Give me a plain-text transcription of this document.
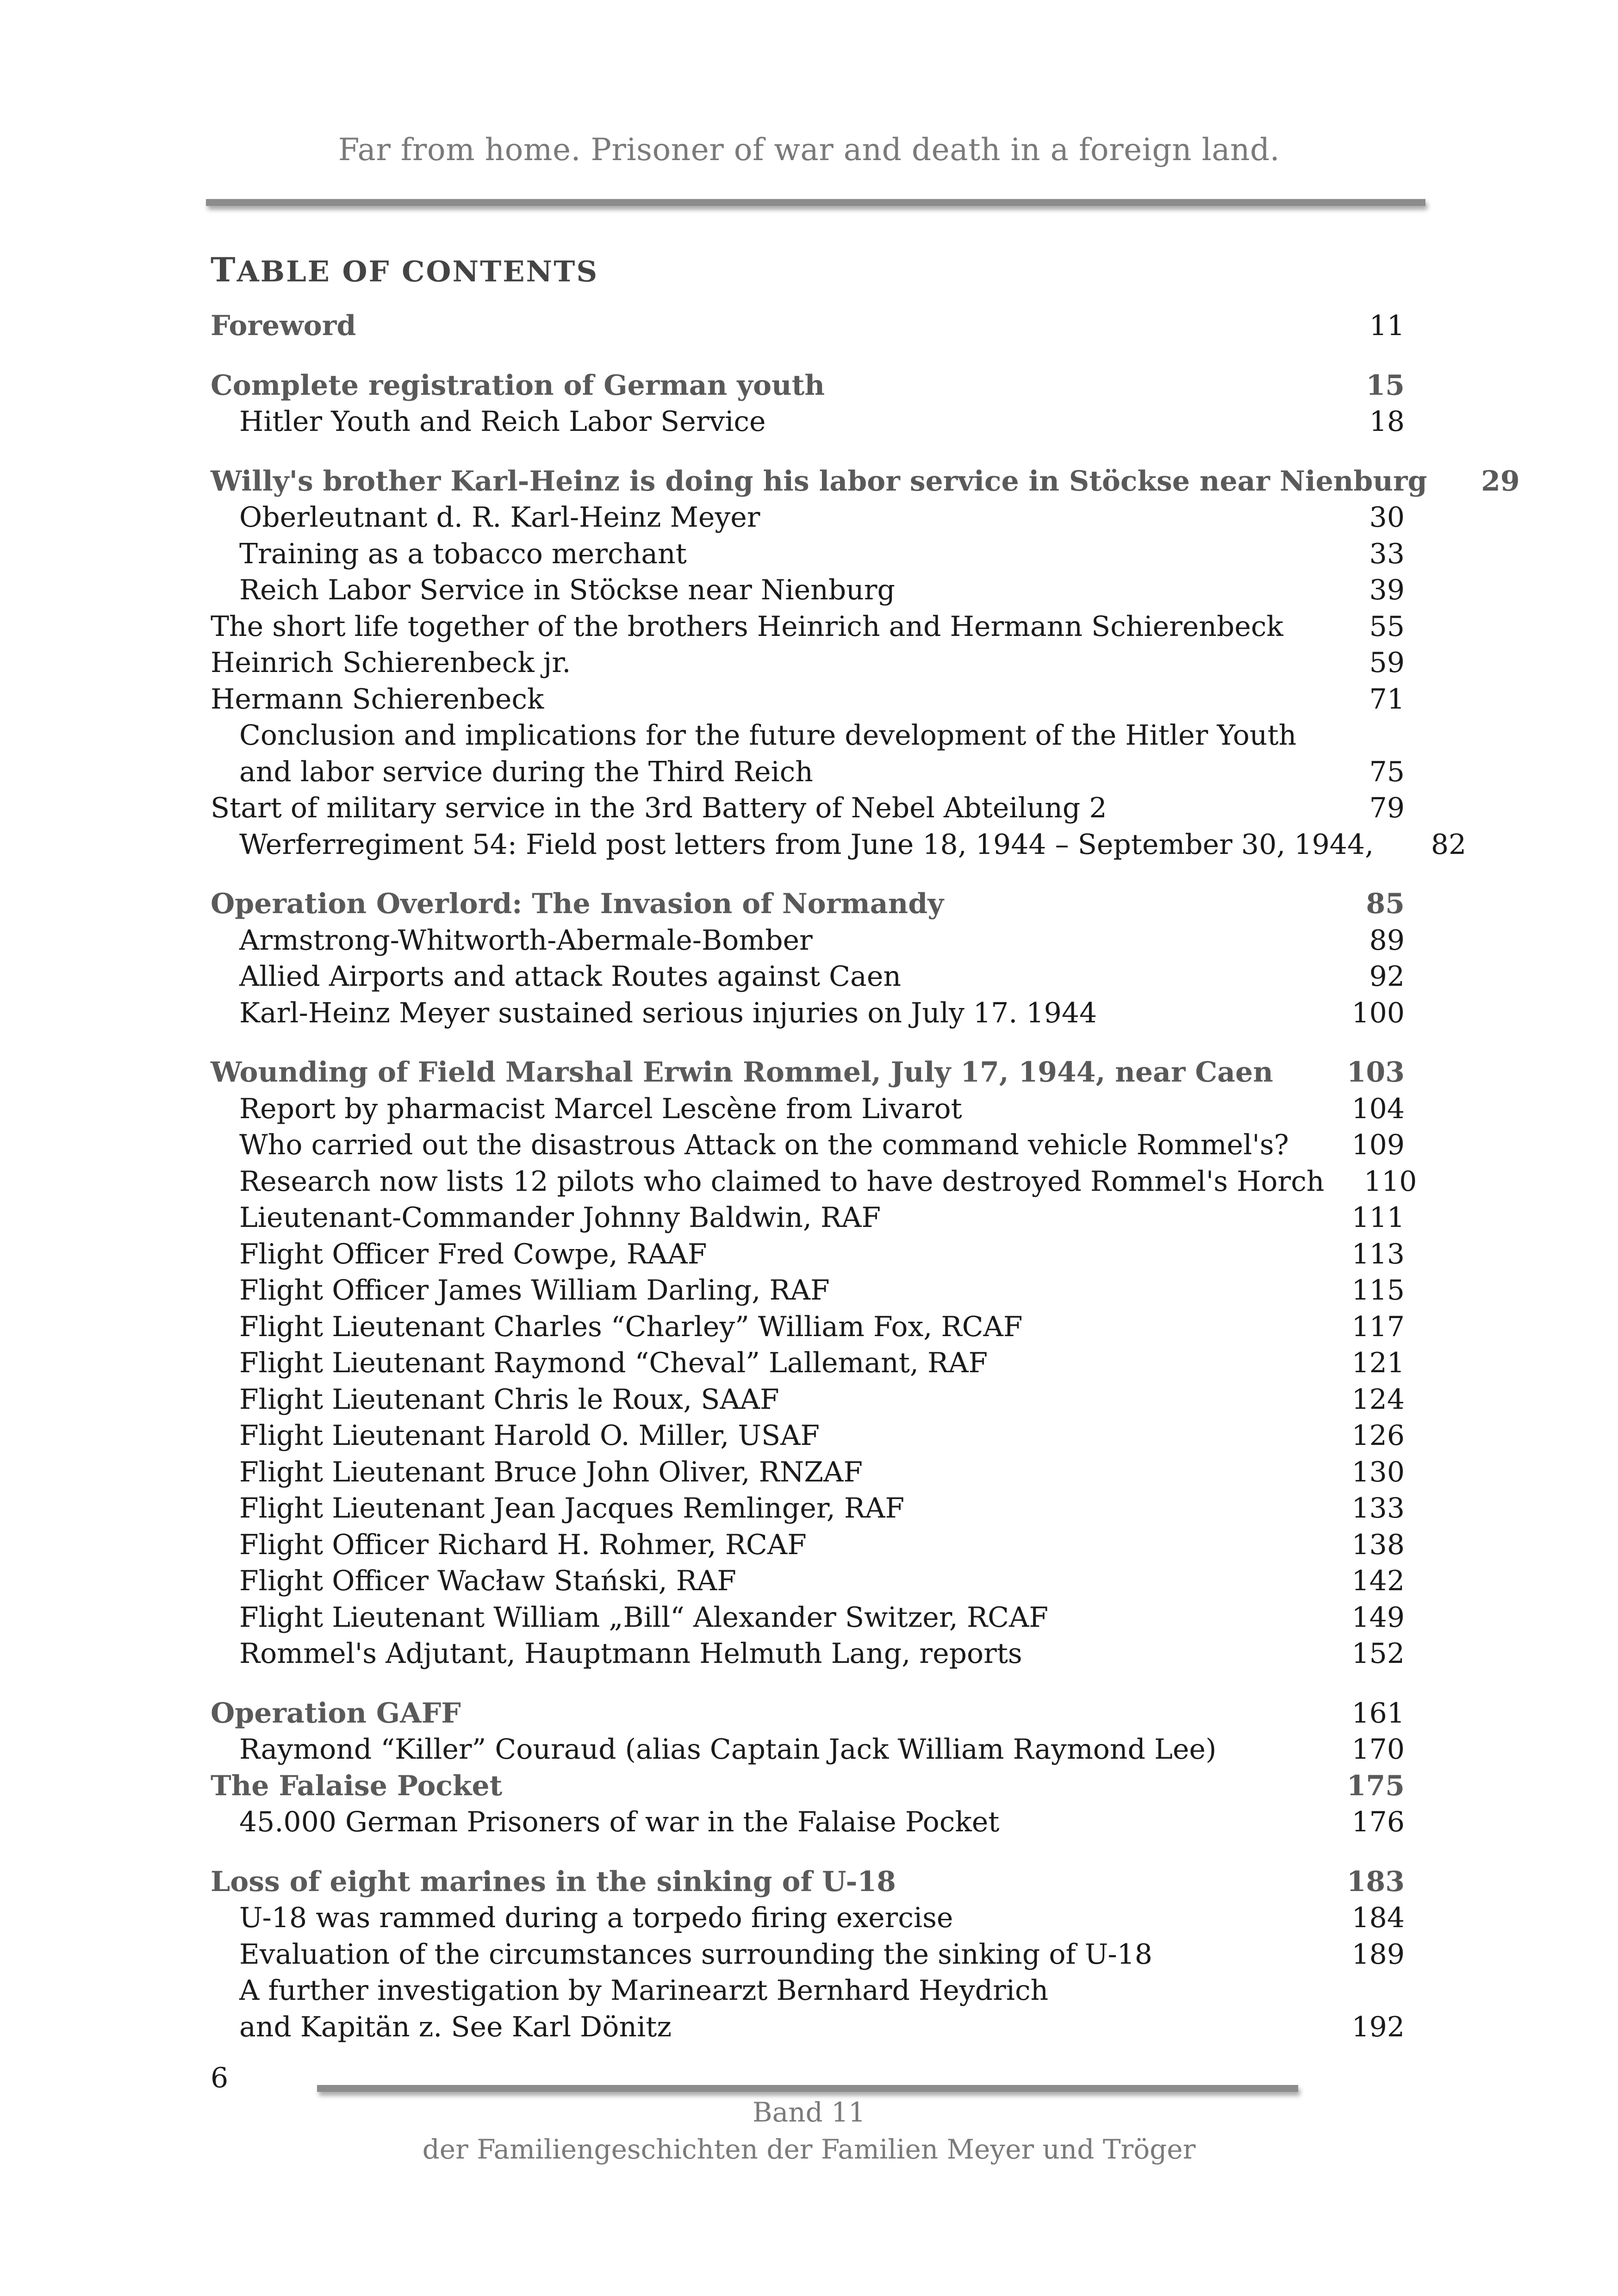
Far from home. Prisoner of war and death in a foreign land.
TABLE OF CONTENTS
Foreword	11
Complete registration of German youth	15
Hitler Youth and Reich Labor Service	18
Willy's brother Karl-Heinz is doing his labor service in Stöckse near Nienburg	29
Oberleutnant d. R. Karl-Heinz Meyer	30
Training as a tobacco merchant	33
Reich Labor Service in Stöckse near Nienburg	39
The short life together of the brothers Heinrich and Hermann Schierenbeck	55
Heinrich Schierenbeck jr.	59
Hermann Schierenbeck	71
Conclusion and implications for the future development of the Hitler Youth and labor service during the Third Reich	75
Start of military service in the 3rd Battery of Nebel Abteilung 2	79
Werferregiment 54: Field post letters from June 18, 1944 – September 30, 1944,	82
Operation Overlord: The Invasion of Normandy	85
Armstrong-Whitworth-Abermale-Bomber	89
Allied Airports and attack Routes against Caen	92
Karl-Heinz Meyer sustained serious injuries on July 17. 1944	100
Wounding of Field Marshal Erwin Rommel, July 17, 1944, near Caen	103
Report by pharmacist Marcel Lescène from Livarot	104
Who carried out the disastrous Attack on the command vehicle Rommel's?	109
Research now lists 12 pilots who claimed to have destroyed Rommel's Horch	110
Lieutenant-Commander Johnny Baldwin, RAF	111
Flight Officer Fred Cowpe, RAAF	113
Flight Officer James William Darling, RAF	115
Flight Lieutenant Charles “Charley” William Fox, RCAF	117
Flight Lieutenant Raymond “Cheval” Lallemant, RAF	121
Flight Lieutenant Chris le Roux, SAAF	124
Flight Lieutenant Harold O. Miller, USAF	126
Flight Lieutenant Bruce John Oliver, RNZAF	130
Flight Lieutenant Jean Jacques Remlinger, RAF	133
Flight Officer Richard H. Rohmer, RCAF	138
Flight Officer Wacław Stański, RAF	142
Flight Lieutenant William „Bill“ Alexander Switzer, RCAF	149
Rommel's Adjutant, Hauptmann Helmuth Lang, reports	152
Operation GAFF	161
Raymond “Killer” Couraud (alias Captain Jack William Raymond Lee)	170
The Falaise Pocket	175
45.000 German Prisoners of war in the Falaise Pocket	176
Loss of eight marines in the sinking of U-18	183
U-18 was rammed during a torpedo firing exercise	184
Evaluation of the circumstances surrounding the sinking of U-18	189
A further investigation by Marinearzt Bernhard Heydrich
and Kapitän z. See Karl Dönitz	192
6
Band 11
der Familiengeschichten der Familien Meyer und Tröger
